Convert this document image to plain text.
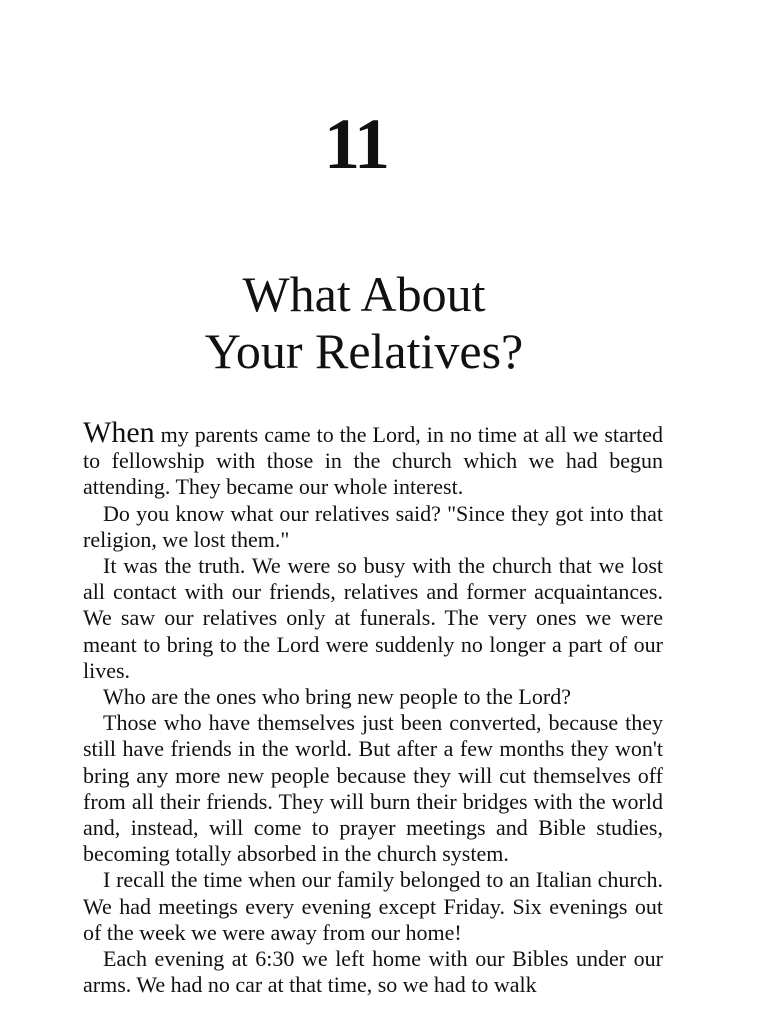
11
What About
Your Relatives?

When my parents came to the Lord, in no time at all we started to fellowship with those in the church which we had begun attending. They became our whole interest.

Do you know what our relatives said? "Since they got into that religion, we lost them."

It was the truth. We were so busy with the church that we lost all contact with our friends, relatives and former acquaintances. We saw our relatives only at funerals. The very ones we were meant to bring to the Lord were suddenly no longer a part of our lives.

Who are the ones who bring new people to the Lord?

Those who have themselves just been converted, because they still have friends in the world. But after a few months they won't bring any more new people because they will cut themselves off from all their friends. They will burn their bridges with the world and, instead, will come to prayer meetings and Bible studies, becoming totally absorbed in the church system.

I recall the time when our family belonged to an Italian church. We had meetings every evening except Friday. Six evenings out of the week we were away from our home!

Each evening at 6:30 we left home with our Bibles under our arms. We had no car at that time, so we had to walk
